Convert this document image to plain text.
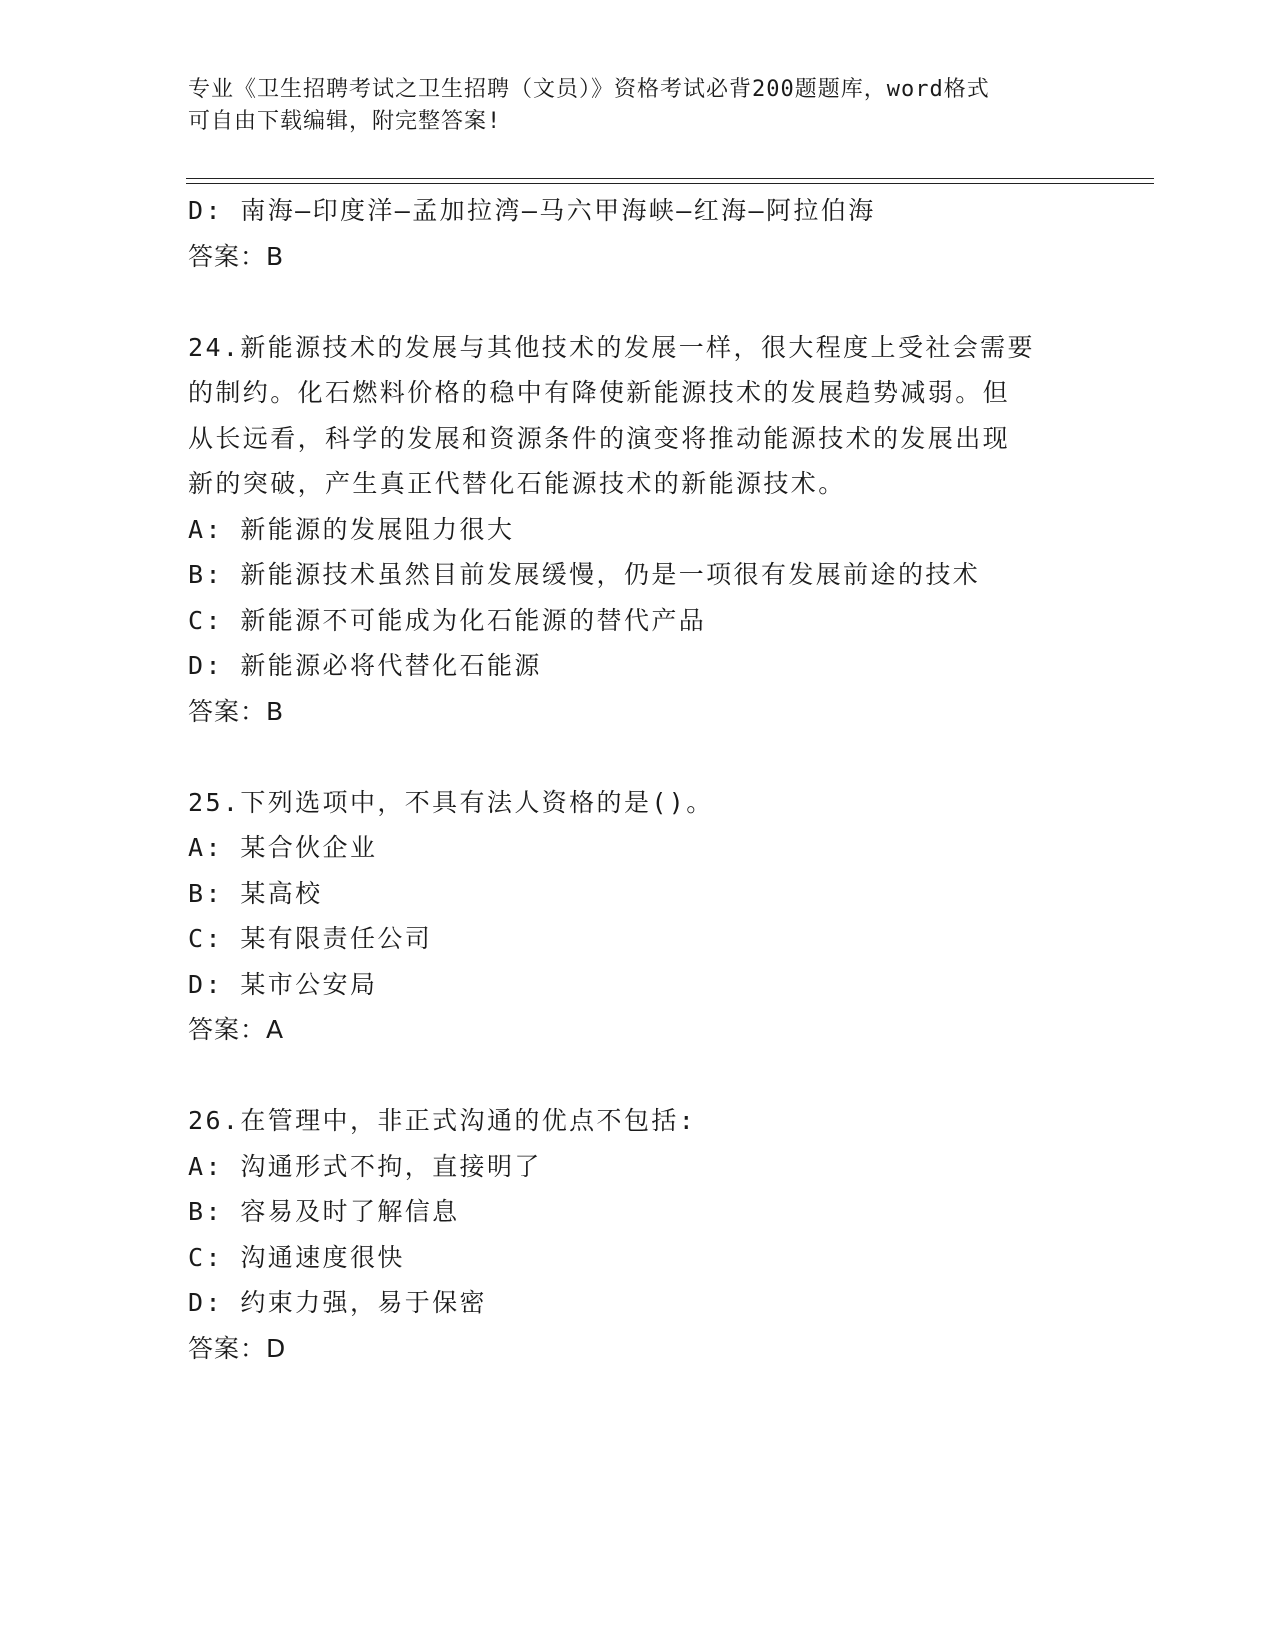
专业《卫生招聘考试之卫生招聘（文员）》资格考试必背200题题库，word格式
可自由下载编辑，附完整答案!
D: 南海—印度洋—孟加拉湾—马六甲海峡—红海—阿拉伯海
答案：B
24.新能源技术的发展与其他技术的发展一样，很大程度上受社会需要
的制约。化石燃料价格的稳中有降使新能源技术的发展趋势减弱。但
从长远看，科学的发展和资源条件的演变将推动能源技术的发展出现
新的突破，产生真正代替化石能源技术的新能源技术。
A: 新能源的发展阻力很大
B: 新能源技术虽然目前发展缓慢，仍是一项很有发展前途的技术
C: 新能源不可能成为化石能源的替代产品
D: 新能源必将代替化石能源
答案：B
25.下列选项中，不具有法人资格的是()。
A: 某合伙企业
B: 某高校
C: 某有限责任公司
D: 某市公安局
答案：A
26.在管理中，非正式沟通的优点不包括:
A: 沟通形式不拘，直接明了
B: 容易及时了解信息
C: 沟通速度很快
D: 约束力强，易于保密
答案：D
